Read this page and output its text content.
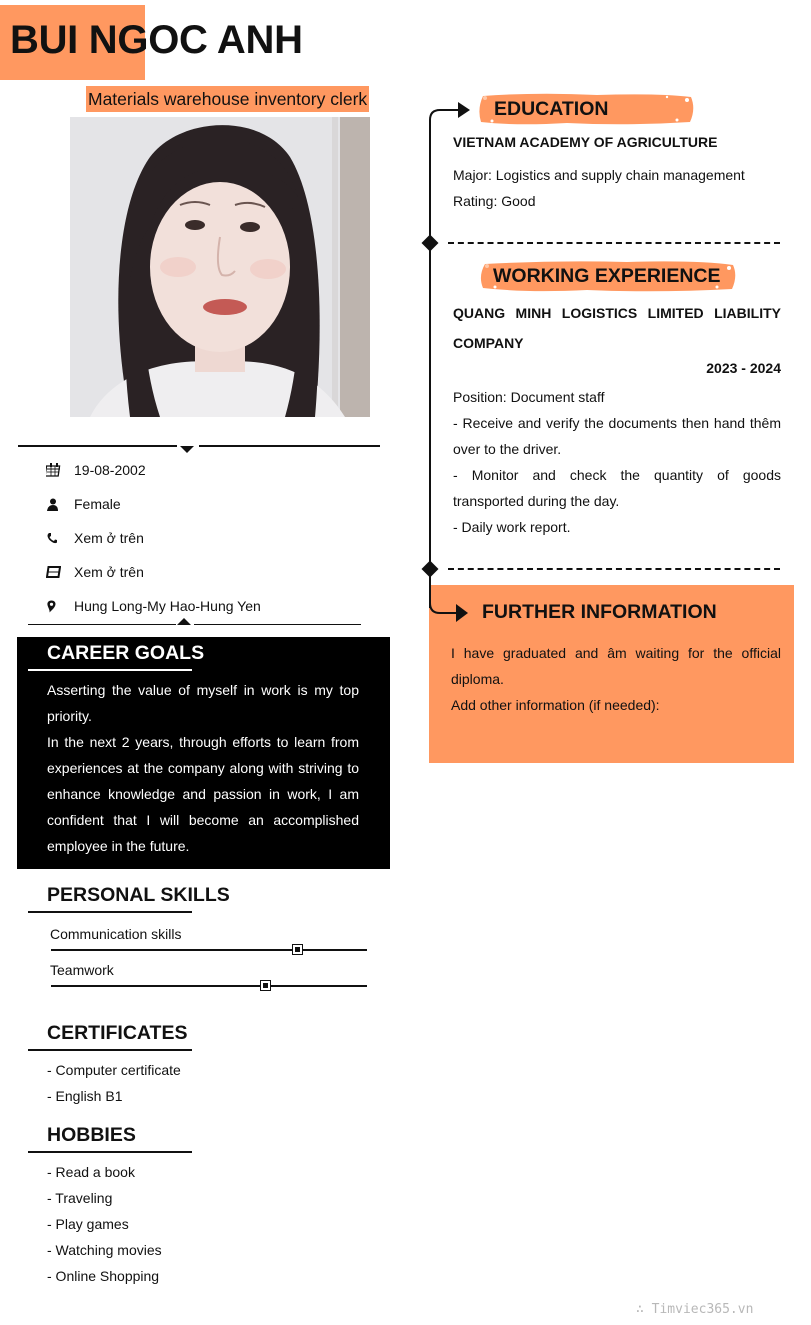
BUI NGOC ANH
Materials warehouse inventory clerk
19-08-2002
Female
Xem ở trên
Xem ở trên
Hung Long-My Hao-Hung Yen
CAREER GOALS
Asserting the value of myself in work is my top priority.
In the next 2 years, through efforts to learn from experiences at the company along with striving to enhance knowledge and passion in work, I am confident that I will become an accomplished employee in the future.
PERSONAL SKILLS
Communication skills
Teamwork
CERTIFICATES
- Computer certificate
- English B1
HOBBIES
- Read a book
- Traveling
- Play games
- Watching movies
- Online Shopping
EDUCATION
VIETNAM ACADEMY OF AGRICULTURE
Major: Logistics and supply chain management
Rating: Good
WORKING EXPERIENCE
QUANG MINH LOGISTICS LIMITED LIABILITY COMPANY
2023 - 2024
Position: Document staff
- Receive and verify the documents then hand thêm over to the driver.
- Monitor and check the quantity of goods transported during the day.
- Daily work report.
FURTHER INFORMATION
I have graduated and âm waiting for the official diploma.
Add other information (if needed):
∴ Timviec365.vn
